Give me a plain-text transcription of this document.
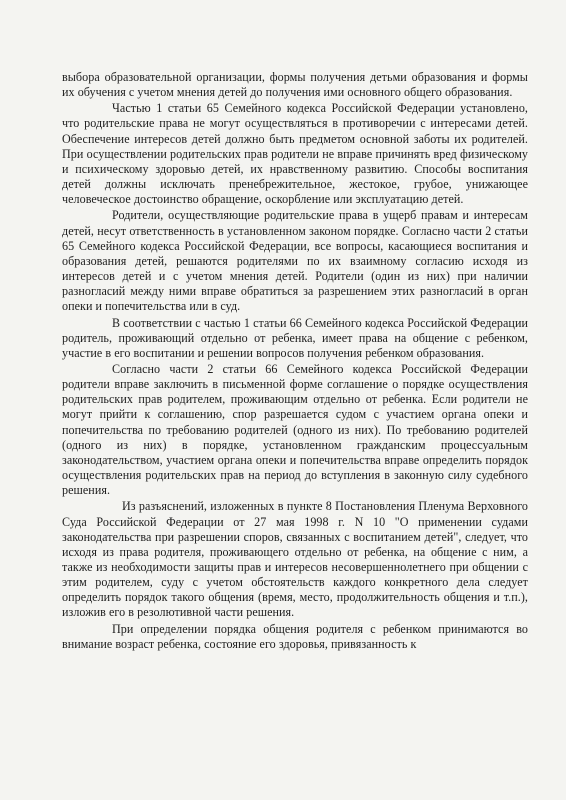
выбора образовательной организации, формы получения детьми образования и формы их обучения с учетом мнения детей до получения ими основного общего образования.

Частью 1 статьи 65 Семейного кодекса Российской Федерации установлено, что родительские права не могут осуществляться в противоречии с интересами детей. Обеспечение интересов детей должно быть предметом основной заботы их родителей. При осуществлении родительских прав родители не вправе причинять вред физическому и психическому здоровью детей, их нравственному развитию. Способы воспитания детей должны исключать пренебрежительное, жестокое, грубое, унижающее человеческое достоинство обращение, оскорбление или эксплуатацию детей.

Родители, осуществляющие родительские права в ущерб правам и интересам детей, несут ответственность в установленном законом порядке. Согласно части 2 статьи 65 Семейного кодекса Российской Федерации, все вопросы, касающиеся воспитания и образования детей, решаются родителями по их взаимному согласию исходя из интересов детей и с учетом мнения детей. Родители (один из них) при наличии разногласий между ними вправе обратиться за разрешением этих разногласий в орган опеки и попечительства или в суд.

В соответствии с частью 1 статьи 66 Семейного кодекса Российской Федерации родитель, проживающий отдельно от ребенка, имеет права на общение с ребенком, участие в его воспитании и решении вопросов получения ребенком образования.

Согласно части 2 статьи 66 Семейного кодекса Российской Федерации родители вправе заключить в письменной форме соглашение о порядке осуществления родительских прав родителем, проживающим отдельно от ребенка. Если родители не могут прийти к соглашению, спор разрешается судом с участием органа опеки и попечительства по требованию родителей (одного из них). По требованию родителей (одного из них) в порядке, установленном гражданским процессуальным законодательством, участием органа опеки и попечительства вправе определить порядок осуществления родительских прав на период до вступления в законную силу судебного решения.

Из разъяснений, изложенных в пункте 8 Постановления Пленума Верховного Суда Российской Федерации от 27 мая 1998 г. N 10 "О применении судами законодательства при разрешении споров, связанных с воспитанием детей", следует, что исходя из права родителя, проживающего отдельно от ребенка, на общение с ним, а также из необходимости защиты прав и интересов несовершеннолетнего при общении с этим родителем, суду с учетом обстоятельств каждого конкретного дела следует определить порядок такого общения (время, место, продолжительность общения и т.п.), изложив его в резолютивной части решения.

При определении порядка общения родителя с ребенком принимаются во внимание возраст ребенка, состояние его здоровья, привязанность к
